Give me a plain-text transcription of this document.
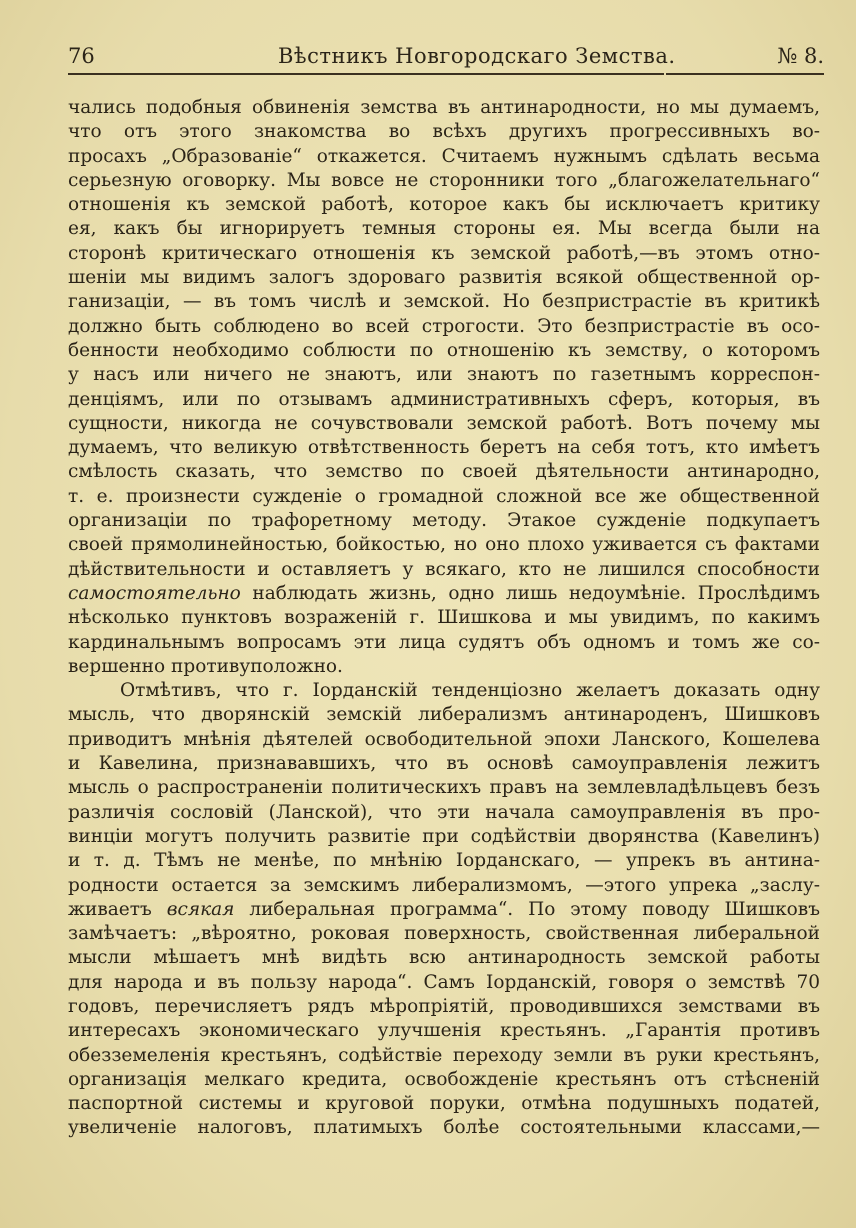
76	Вѣстникъ Новгородскаго Земства.	№ 8.
чались подобныя обвиненія земства въ антинародности, но мы думаемъ,
что отъ этого знакомства во всѣхъ другихъ прогрессивныхъ во-
просахъ „Образованіе“ откажется. Считаемъ нужнымъ сдѣлать весьма
серьезную оговорку. Мы вовсе не сторонники того „благожелательнаго“
отношенія къ земской работѣ, которое какъ бы исключаетъ критику
ея, какъ бы игнорируетъ темныя стороны ея. Мы всегда были на
сторонѣ критическаго отношенія къ земской работѣ,—въ этомъ отно-
шеніи мы видимъ залогъ здороваго развитія всякой общественной ор-
ганизаціи, — въ томъ числѣ и земской. Но безпристрастіе въ критикѣ
должно быть соблюдено во всей строгости. Это безпристрастіе въ осо-
бенности необходимо соблюсти по отношенію къ земству, о которомъ
у насъ или ничего не знаютъ, или знаютъ по газетнымъ корреспон-
денціямъ, или по отзывамъ административныхъ сферъ, которыя, въ
сущности, никогда не сочувствовали земской работѣ. Вотъ почему мы
думаемъ, что великую отвѣтственность беретъ на себя тотъ, кто имѣетъ
смѣлость сказать, что земство по своей дѣятельности антинародно,
т. е. произнести сужденіе о громадной сложной все же общественной
организаціи по трафоретному методу. Этакое сужденіе подкупаетъ
своей прямолинейностью, бойкостью, но оно плохо уживается съ фактами
дѣйствительности и оставляетъ у всякаго, кто не лишился способности
самостоятельно наблюдать жизнь, одно лишь недоумѣніе. Прослѣдимъ
нѣсколько пунктовъ возраженій г. Шишкова и мы увидимъ, по какимъ
кардинальнымъ вопросамъ эти лица судятъ объ одномъ и томъ же со-
вершенно противуположно.
Отмѣтивъ, что г. Іорданскій тенденціозно желаетъ доказать одну
мысль, что дворянскій земскій либерализмъ антинароденъ, Шишковъ
приводитъ мнѣнія дѣятелей освободительной эпохи Ланского, Кошелева
и Кавелина, признававшихъ, что въ основѣ самоуправленія лежитъ
мысль о распространеніи политическихъ правъ на землевладѣльцевъ безъ
различія сословій (Ланской), что эти начала самоуправленія въ про-
винціи могутъ получить развитіе при содѣйствіи дворянства (Кавелинъ)
и т. д. Тѣмъ не менѣе, по мнѣнію Іорданскаго, — упрекъ въ антина-
родности остается за земскимъ либерализмомъ, —этого упрека „заслу-
живаетъ всякая либеральная программа“. По этому поводу Шишковъ
замѣчаетъ: „вѣроятно, роковая поверхность, свойственная либеральной
мысли мѣшаетъ мнѣ видѣть всю антинародность земской работы
для народа и въ пользу народа“. Самъ Іорданскій, говоря о земствѣ 70
годовъ, перечисляетъ рядъ мѣропріятій, проводившихся земствами въ
интересахъ экономическаго улучшенія крестьянъ. „Гарантія противъ
обезземеленія крестьянъ, содѣйствіе переходу земли въ руки крестьянъ,
организація мелкаго кредита, освобожденіе крестьянъ отъ стѣсненій
паспортной системы и круговой поруки, отмѣна подушныхъ податей,
увеличеніе налоговъ, платимыхъ болѣе состоятельными классами,—
